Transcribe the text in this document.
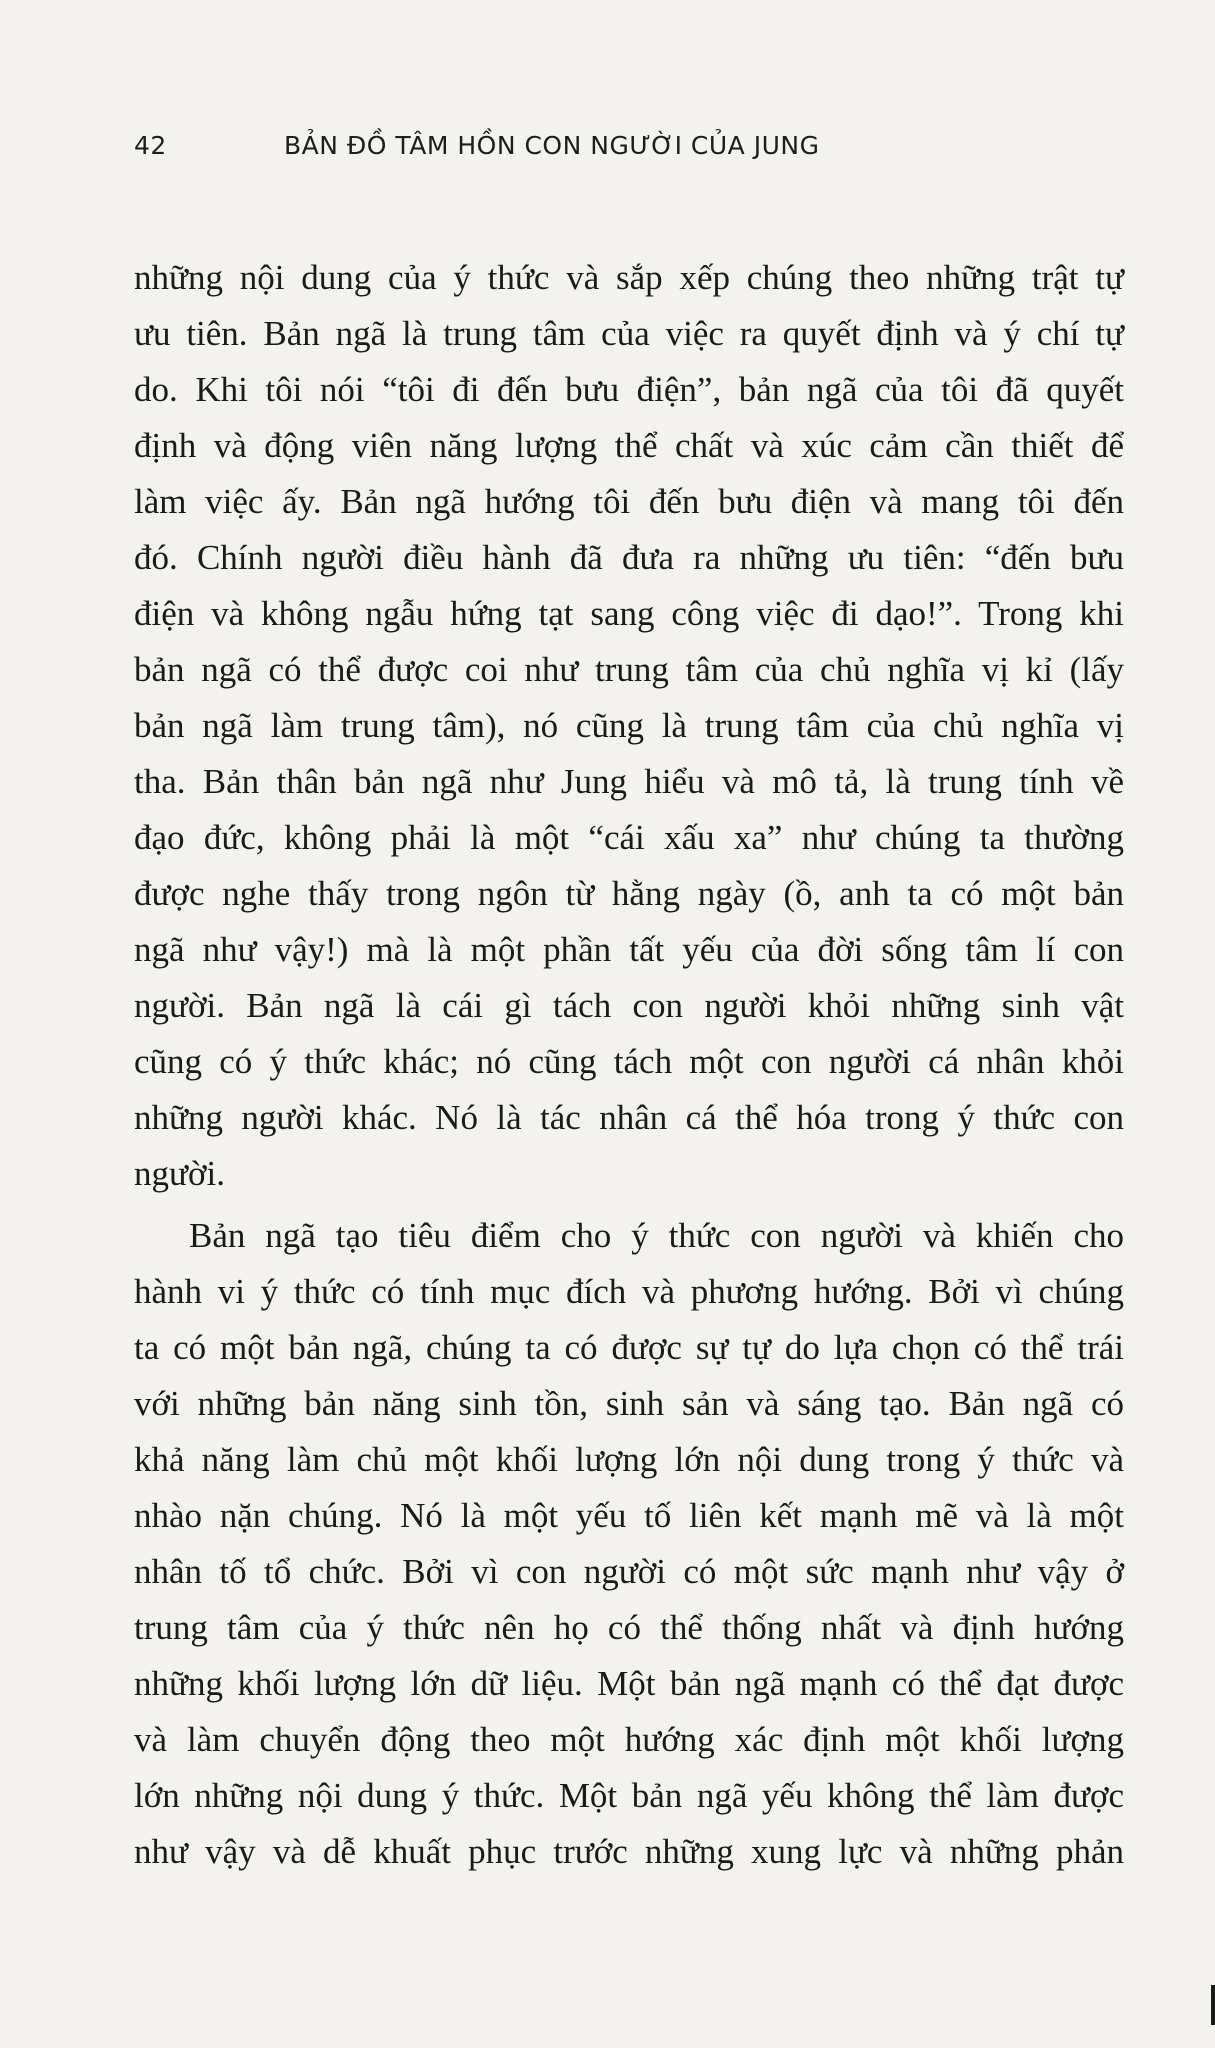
42	BẢN ĐỒ TÂM HỒN CON NGƯỜI CỦA JUNG
những nội dung của ý thức và sắp xếp chúng theo những trật tự
ưu tiên. Bản ngã là trung tâm của việc ra quyết định và ý chí tự
do. Khi tôi nói “tôi đi đến bưu điện”, bản ngã của tôi đã quyết
định và động viên năng lượng thể chất và xúc cảm cần thiết để
làm việc ấy. Bản ngã hướng tôi đến bưu điện và mang tôi đến
đó. Chính người điều hành đã đưa ra những ưu tiên: “đến bưu
điện và không ngẫu hứng tạt sang công việc đi dạo!”. Trong khi
bản ngã có thể được coi như trung tâm của chủ nghĩa vị kỉ (lấy
bản ngã làm trung tâm), nó cũng là trung tâm của chủ nghĩa vị
tha. Bản thân bản ngã như Jung hiểu và mô tả, là trung tính về
đạo đức, không phải là một “cái xấu xa” như chúng ta thường
được nghe thấy trong ngôn từ hằng ngày (ồ, anh ta có một bản
ngã như vậy!) mà là một phần tất yếu của đời sống tâm lí con
người. Bản ngã là cái gì tách con người khỏi những sinh vật
cũng có ý thức khác; nó cũng tách một con người cá nhân khỏi
những người khác. Nó là tác nhân cá thể hóa trong ý thức con
người.
Bản ngã tạo tiêu điểm cho ý thức con người và khiến cho
hành vi ý thức có tính mục đích và phương hướng. Bởi vì chúng
ta có một bản ngã, chúng ta có được sự tự do lựa chọn có thể trái
với những bản năng sinh tồn, sinh sản và sáng tạo. Bản ngã có
khả năng làm chủ một khối lượng lớn nội dung trong ý thức và
nhào nặn chúng. Nó là một yếu tố liên kết mạnh mẽ và là một
nhân tố tổ chức. Bởi vì con người có một sức mạnh như vậy ở
trung tâm của ý thức nên họ có thể thống nhất và định hướng
những khối lượng lớn dữ liệu. Một bản ngã mạnh có thể đạt được
và làm chuyển động theo một hướng xác định một khối lượng
lớn những nội dung ý thức. Một bản ngã yếu không thể làm được
như vậy và dễ khuất phục trước những xung lực và những phản
